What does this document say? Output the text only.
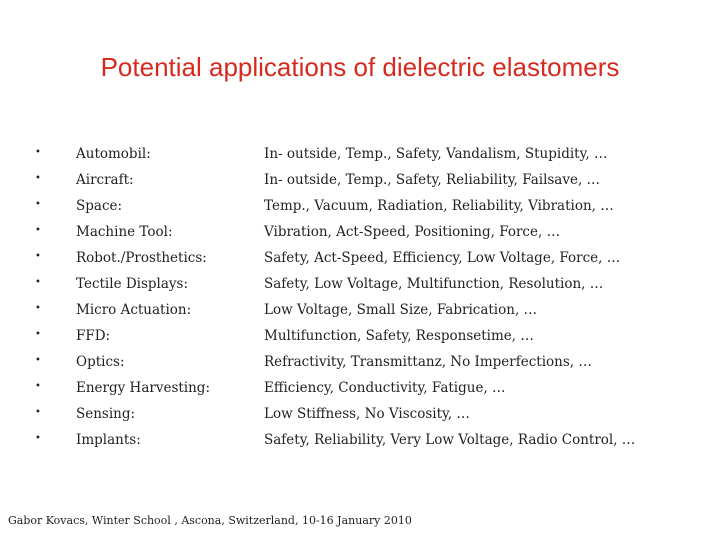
Potential applications of dielectric elastomers
•	Automobil:	In- outside, Temp., Safety, Vandalism, Stupidity, …
•	Aircraft:	In- outside, Temp., Safety, Reliability, Failsave, …
•	Space:	Temp., Vacuum, Radiation, Reliability, Vibration, …
•	Machine Tool:	Vibration, Act-Speed, Positioning, Force, …
•	Robot./Prosthetics:	Safety, Act-Speed, Efficiency, Low Voltage, Force, …
•	Tectile Displays:	Safety, Low Voltage, Multifunction, Resolution, …
•	Micro Actuation:	Low Voltage, Small Size, Fabrication, …
•	FFD:	Multifunction, Safety, Responsetime, …
•	Optics:	Refractivity, Transmittanz, No Imperfections, …
•	Energy Harvesting:	Efficiency, Conductivity, Fatigue, …
•	Sensing:	Low Stiffness, No Viscosity, …
•	Implants:	Safety, Reliability, Very Low Voltage, Radio Control, …
Gabor Kovacs, Winter School , Ascona, Switzerland, 10-16 January 2010
